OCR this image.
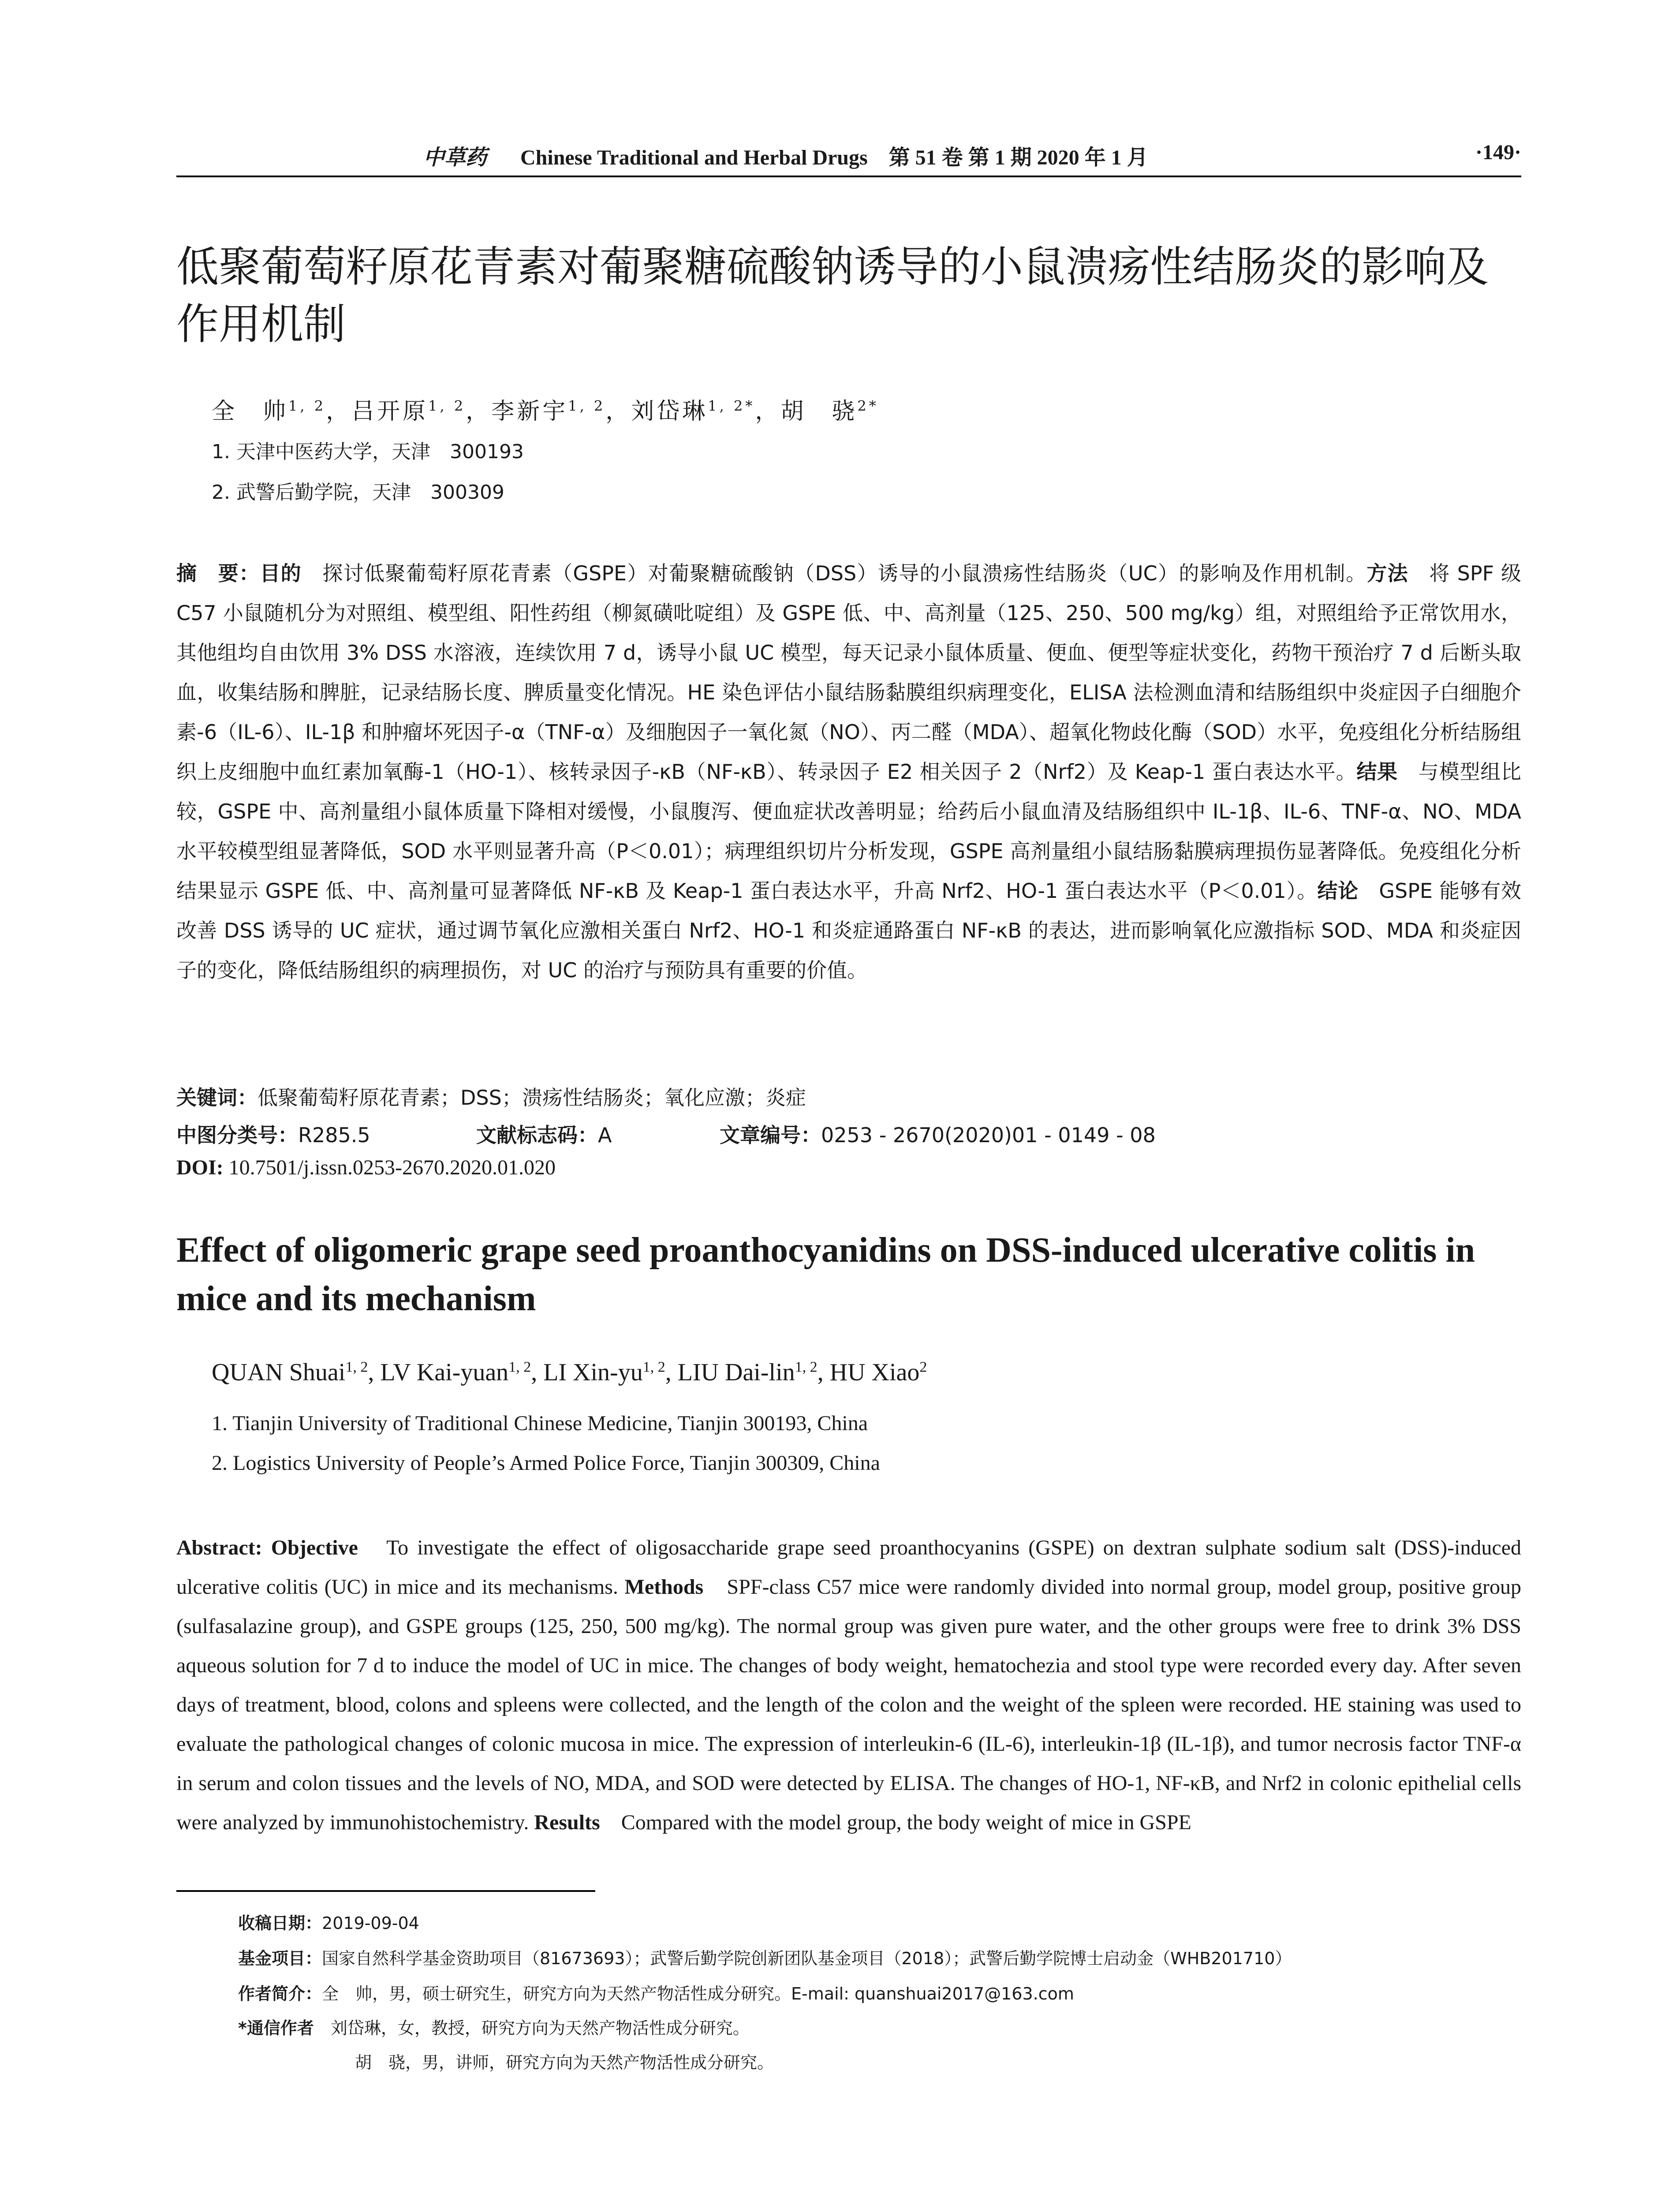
中草药 Chinese Traditional and Herbal Drugs　第 51 卷 第 1 期 2020 年 1 月	·149·
低聚葡萄籽原花青素对葡聚糖硫酸钠诱导的小鼠溃疡性结肠炎的影响及作用机制
全　帅$^{1, 2}$，吕开原$^{1, 2}$，李新宇$^{1, 2}$，刘岱琳$^{1, 2*}$，胡　骁$^{2*}$
1. 天津中医药大学，天津　300193
2. 武警后勤学院，天津　300309
摘　要：目的　探讨低聚葡萄籽原花青素（GSPE）对葡聚糖硫酸钠（DSS）诱导的小鼠溃疡性结肠炎（UC）的影响及作用机制。方法　将 SPF 级 C57 小鼠随机分为对照组、模型组、阳性药组（柳氮磺吡啶组）及 GSPE 低、中、高剂量（125、250、500 mg/kg）组，对照组给予正常饮用水，其他组均自由饮用 3% DSS 水溶液，连续饮用 7 d，诱导小鼠 UC 模型，每天记录小鼠体质量、便血、便型等症状变化，药物干预治疗 7 d 后断头取血，收集结肠和脾脏，记录结肠长度、脾质量变化情况。HE 染色评估小鼠结肠黏膜组织病理变化，ELISA 法检测血清和结肠组织中炎症因子白细胞介素-6（IL-6）、IL-1β 和肿瘤坏死因子-α（TNF-α）及细胞因子一氧化氮（NO）、丙二醛（MDA）、超氧化物歧化酶（SOD）水平，免疫组化分析结肠组织上皮细胞中血红素加氧酶-1（HO-1）、核转录因子-κB（NF-κB）、转录因子 E2 相关因子 2（Nrf2）及 Keap-1 蛋白表达水平。结果　与模型组比较，GSPE 中、高剂量组小鼠体质量下降相对缓慢，小鼠腹泻、便血症状改善明显；给药后小鼠血清及结肠组织中 IL-1β、IL-6、TNF-α、NO、MDA 水平较模型组显著降低，SOD 水平则显著升高（P＜0.01）；病理组织切片分析发现，GSPE 高剂量组小鼠结肠黏膜病理损伤显著降低。免疫组化分析结果显示 GSPE 低、中、高剂量可显著降低 NF-κB 及 Keap-1 蛋白表达水平，升高 Nrf2、HO-1 蛋白表达水平（P＜0.01）。结论　GSPE 能够有效改善 DSS 诱导的 UC 症状，通过调节氧化应激相关蛋白 Nrf2、HO-1 和炎症通路蛋白 NF-κB 的表达，进而影响氧化应激指标 SOD、MDA 和炎症因子的变化，降低结肠组织的病理损伤，对 UC 的治疗与预防具有重要的价值。
关键词：低聚葡萄籽原花青素；DSS；溃疡性结肠炎；氧化应激；炎症
中图分类号：R285.5	文献标志码：A	文章编号：0253 - 2670(2020)01 - 0149 - 08
DOI: 10.7501/j.issn.0253-2670.2020.01.020
Effect of oligomeric grape seed proanthocyanidins on DSS-induced ulcerative colitis in mice and its mechanism
QUAN Shuai$^{1, 2}$, LV Kai-yuan$^{1, 2}$, LI Xin-yu$^{1, 2}$, LIU Dai-lin$^{1, 2}$, HU Xiao$^2$
1. Tianjin University of Traditional Chinese Medicine, Tianjin 300193, China
2. Logistics University of People’s Armed Police Force, Tianjin 300309, China
Abstract: Objective　To investigate the effect of oligosaccharide grape seed proanthocyanins (GSPE) on dextran sulphate sodium salt (DSS)-induced ulcerative colitis (UC) in mice and its mechanisms. Methods　SPF-class C57 mice were randomly divided into normal group, model group, positive group (sulfasalazine group), and GSPE groups (125, 250, 500 mg/kg). The normal group was given pure water, and the other groups were free to drink 3% DSS aqueous solution for 7 d to induce the model of UC in mice. The changes of body weight, hematochezia and stool type were recorded every day. After seven days of treatment, blood, colons and spleens were collected, and the length of the colon and the weight of the spleen were recorded. HE staining was used to evaluate the pathological changes of colonic mucosa in mice. The expression of interleukin-6 (IL-6), interleukin-1β (IL-1β), and tumor necrosis factor TNF-α in serum and colon tissues and the levels of NO, MDA, and SOD were detected by ELISA. The changes of HO-1, NF-κB, and Nrf2 in colonic epithelial cells were analyzed by immunohistochemistry. Results　Compared with the model group, the body weight of mice in GSPE
收稿日期：2019-09-04
基金项目：国家自然科学基金资助项目（81673693）；武警后勤学院创新团队基金项目（2018）；武警后勤学院博士启动金（WHB201710）
作者简介：全　帅，男，硕士研究生，研究方向为天然产物活性成分研究。E-mail: quanshuai2017@163.com
*通信作者　刘岱琳，女，教授，研究方向为天然产物活性成分研究。
胡　骁，男，讲师，研究方向为天然产物活性成分研究。
